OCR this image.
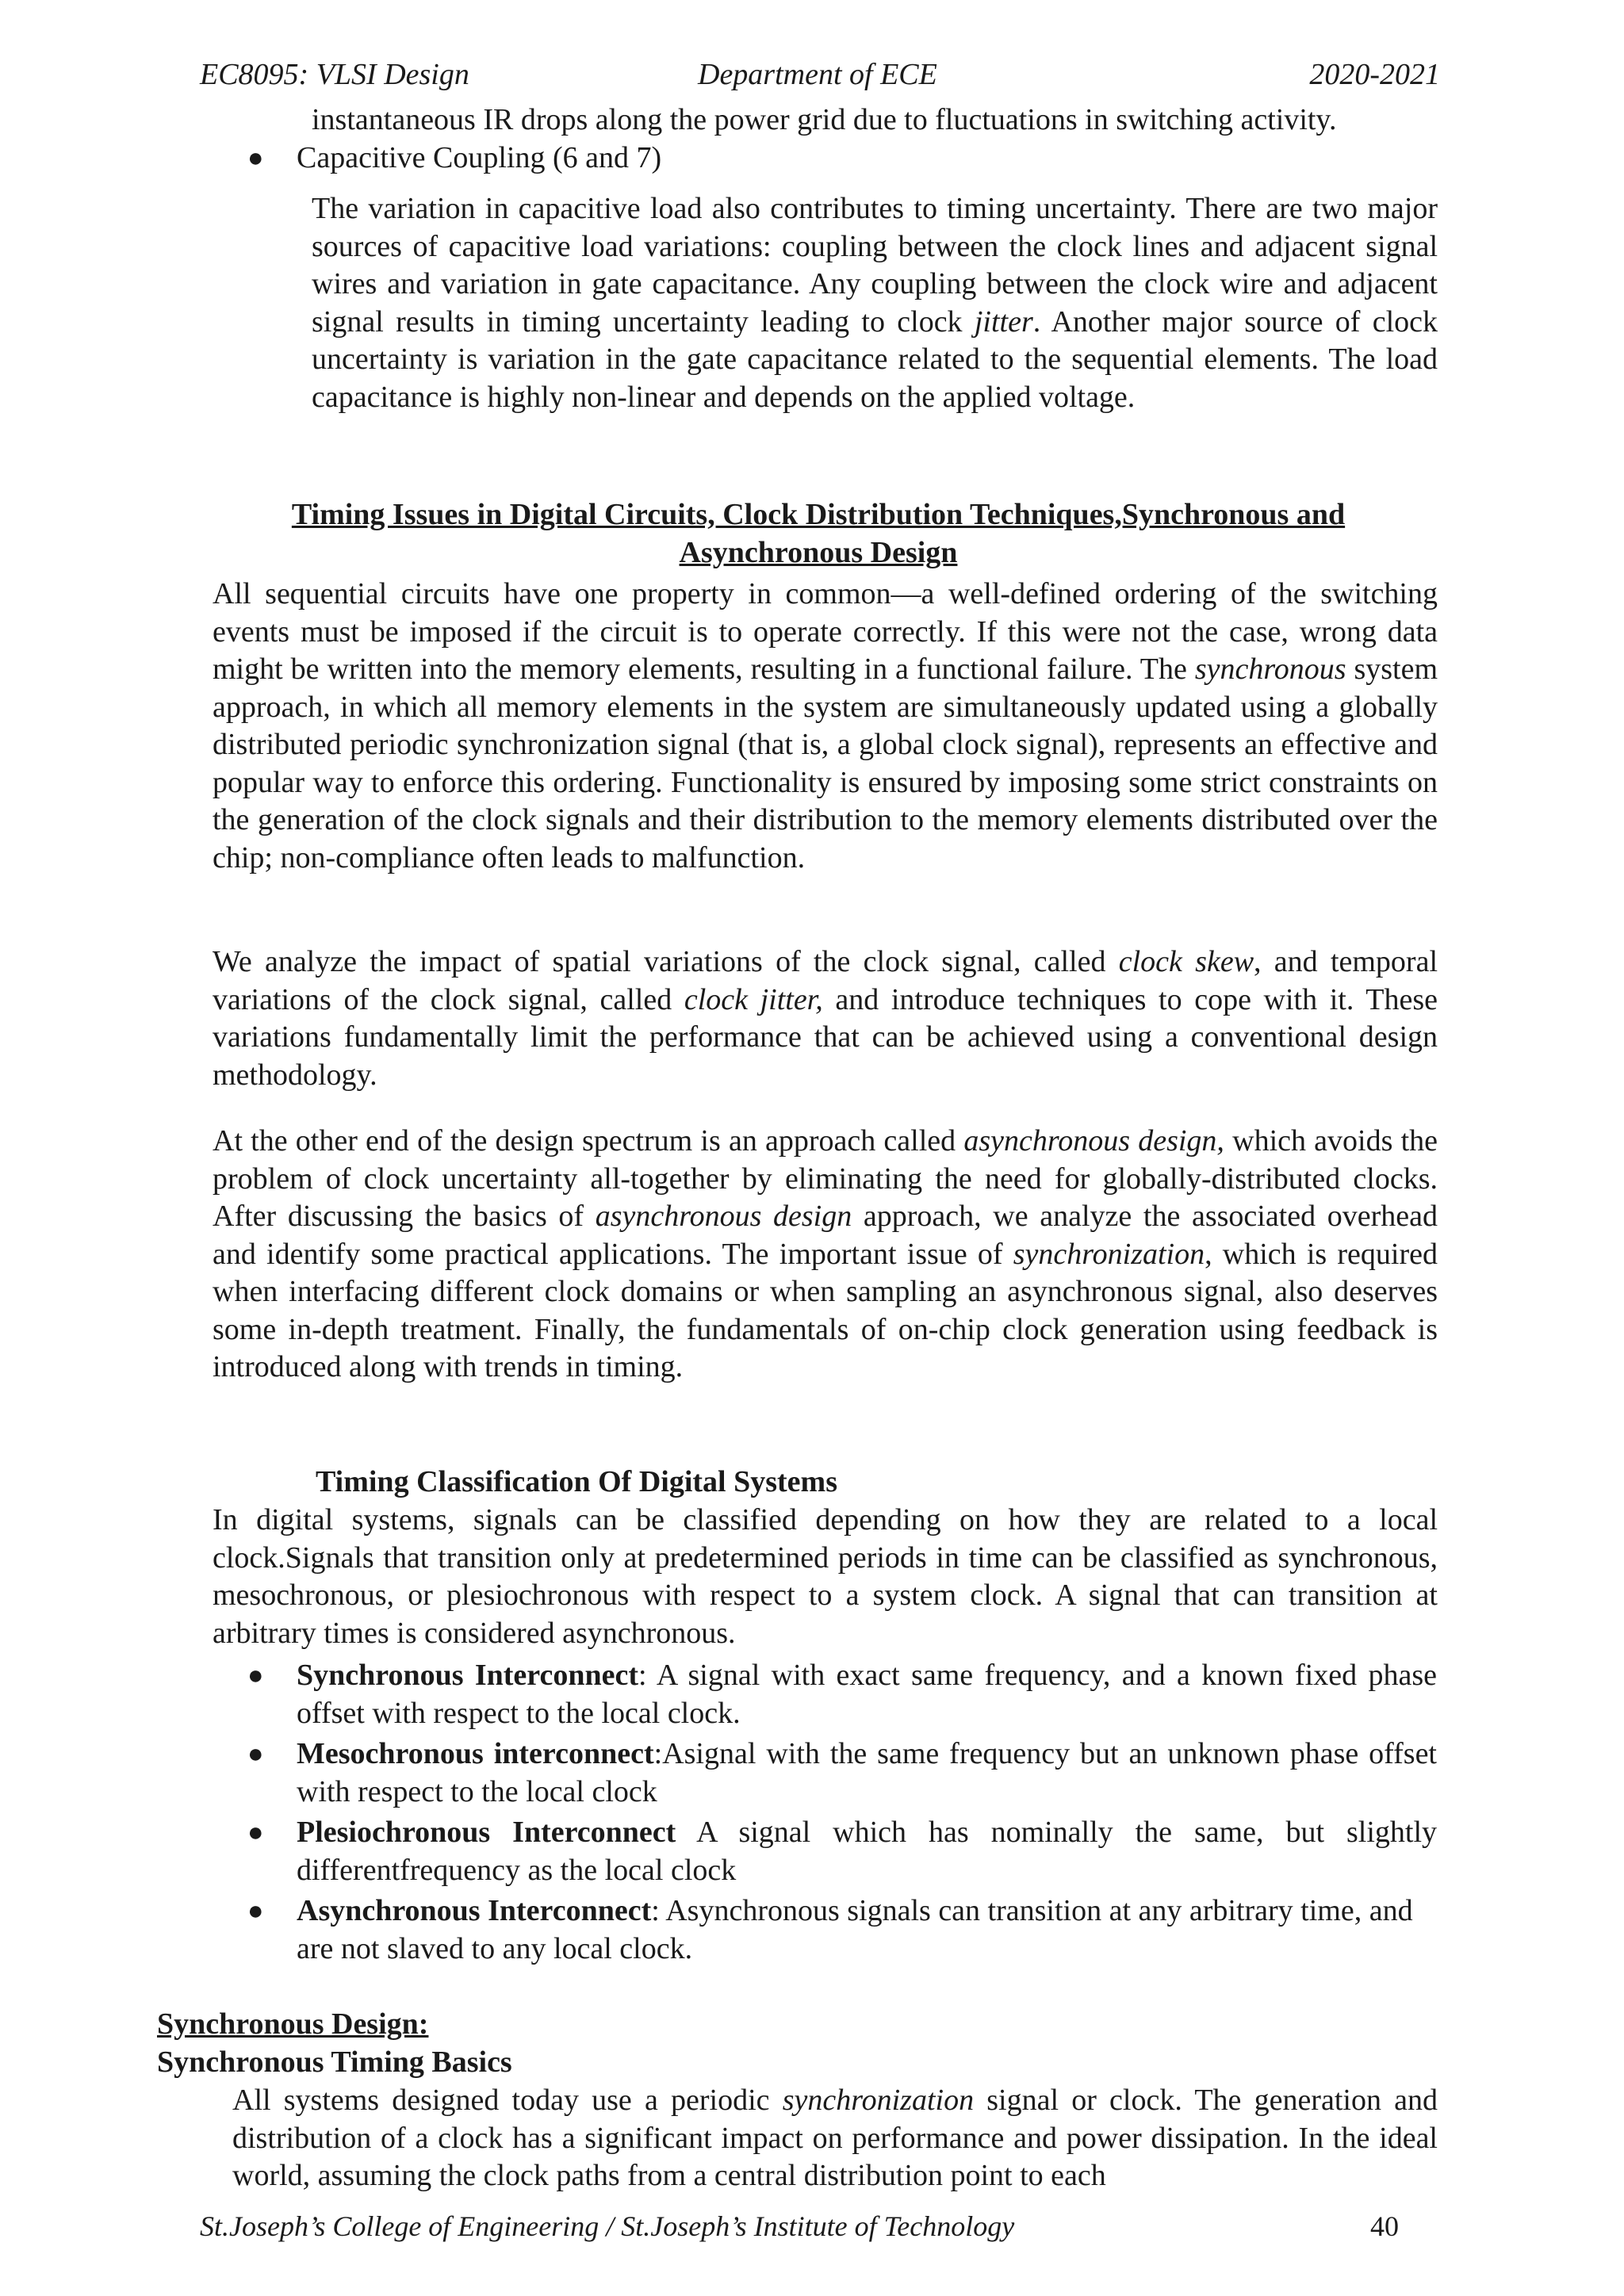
EC8095: VLSI Design	Department of ECE	2020-2021

instantaneous IR drops along the power grid due to fluctuations in switching activity.

● Capacitive Coupling (6 and 7)

The variation in capacitive load also contributes to timing uncertainty. There are two major sources of capacitive load variations: coupling between the clock lines and adjacent signal wires and variation in gate capacitance. Any coupling between the clock wire and adjacent signal results in timing uncertainty leading to clock jitter. Another major source of clock uncertainty is variation in the gate capacitance related to the sequential elements. The load capacitance is highly non-linear and depends on the applied voltage.

Timing Issues in Digital Circuits, Clock Distribution Techniques,Synchronous and
Asynchronous Design

All sequential circuits have one property in common—a well-defined ordering of the switching events must be imposed if the circuit is to operate correctly. If this were not the case, wrong data might be written into the memory elements, resulting in a functional failure. The synchronous system approach, in which all memory elements in the system are simultaneously updated using a globally distributed periodic synchronization signal (that is, a global clock signal), represents an effective and popular way to enforce this ordering. Functionality is ensured by imposing some strict constraints on the generation of the clock signals and their distribution to the memory elements distributed over the chip; non-compliance often leads to malfunction.

We analyze the impact of spatial variations of the clock signal, called clock skew, and temporal variations of the clock signal, called clock jitter, and introduce techniques to cope with it. These variations fundamentally limit the performance that can be achieved using a conventional design methodology.

At the other end of the design spectrum is an approach called asynchronous design, which avoids the problem of clock uncertainty all-together by eliminating the need for globally-distributed clocks. After discussing the basics of asynchronous design approach, we analyze the associated overhead and identify some practical applications. The important issue of synchronization, which is required when interfacing different clock domains or when sampling an asynchronous signal, also deserves some in-depth treatment. Finally, the fundamentals of on-chip clock generation using feedback is introduced along with trends in timing.

Timing Classification Of Digital Systems

In digital systems, signals can be classified depending on how they are related to a local clock.Signals that transition only at predetermined periods in time can be classified as synchronous, mesochronous, or plesiochronous with respect to a system clock. A signal that can transition at arbitrary times is considered asynchronous.

● Synchronous Interconnect: A signal with exact same frequency, and a known fixed phase offset with respect to the local clock.
● Mesochronous interconnect:Asignal with the same frequency but an unknown phase offset with respect to the local clock
● Plesiochronous Interconnect A signal which has nominally the same, but slightly differentfrequency as the local clock
● Asynchronous Interconnect: Asynchronous signals can transition at any arbitrary time, and are not slaved to any local clock.
Synchronous Design:
Synchronous Timing Basics

All systems designed today use a periodic synchronization signal or clock. The generation and distribution of a clock has a significant impact on performance and power dissipation. In the ideal world, assuming the clock paths from a central distribution point to each

St.Joseph’s College of Engineering / St.Joseph’s Institute of Technology	40
